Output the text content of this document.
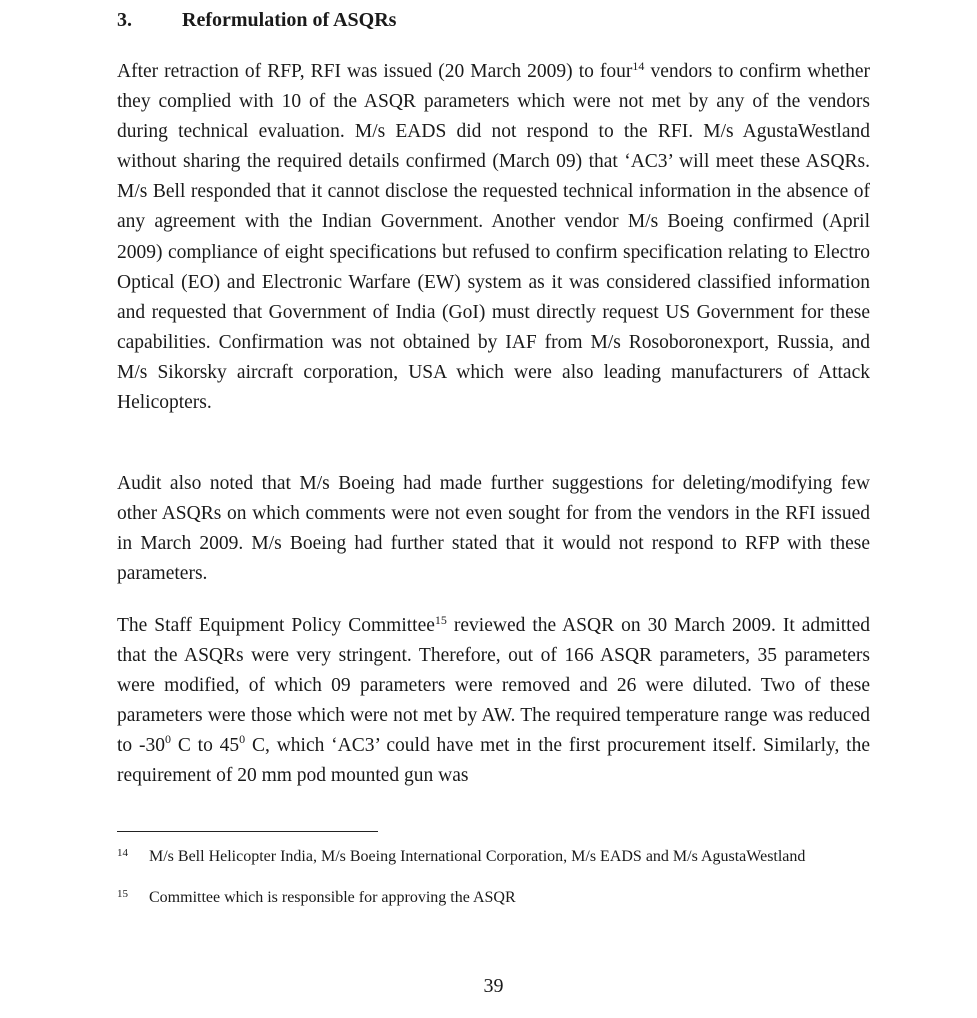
3.	Reformulation of ASQRs

After retraction of RFP, RFI was issued (20 March 2009) to four$^{14}$ vendors to confirm whether they complied with 10 of the ASQR parameters which were not met by any of the vendors during technical evaluation. M/s EADS did not respond to the RFI. M/s AgustaWestland without sharing the required details confirmed (March 09) that ‘AC3’ will meet these ASQRs. M/s Bell responded that it cannot disclose the requested technical information in the absence of any agreement with the Indian Government. Another vendor M/s Boeing confirmed (April 2009) compliance of eight specifications but refused to confirm specification relating to Electro Optical (EO) and Electronic Warfare (EW) system as it was considered classified information and requested that Government of India (GoI) must directly request US Government for these capabilities. Confirmation was not obtained by IAF from M/s Rosoboronexport, Russia, and M/s Sikorsky aircraft corporation, USA which were also leading manufacturers of Attack Helicopters.

Audit also noted that M/s Boeing had made further suggestions for deleting/modifying few other ASQRs on which comments were not even sought for from the vendors in the RFI issued in March 2009. M/s Boeing had further stated that it would not respond to RFP with these parameters.

The Staff Equipment Policy Committee$^{15}$ reviewed the ASQR on 30 March 2009. It admitted that the ASQRs were very stringent. Therefore, out of 166 ASQR parameters, 35 parameters were modified, of which 09 parameters were removed and 26 were diluted. Two of these parameters were those which were not met by AW. The required temperature range was reduced to $-30^0$ C to $45^0$ C, which ‘AC3’ could have met in the first procurement itself. Similarly, the requirement of 20 mm pod mounted gun was

14 M/s Bell Helicopter India, M/s Boeing International Corporation, M/s EADS and M/s AgustaWestland
15 Committee which is responsible for approving the ASQR
39
